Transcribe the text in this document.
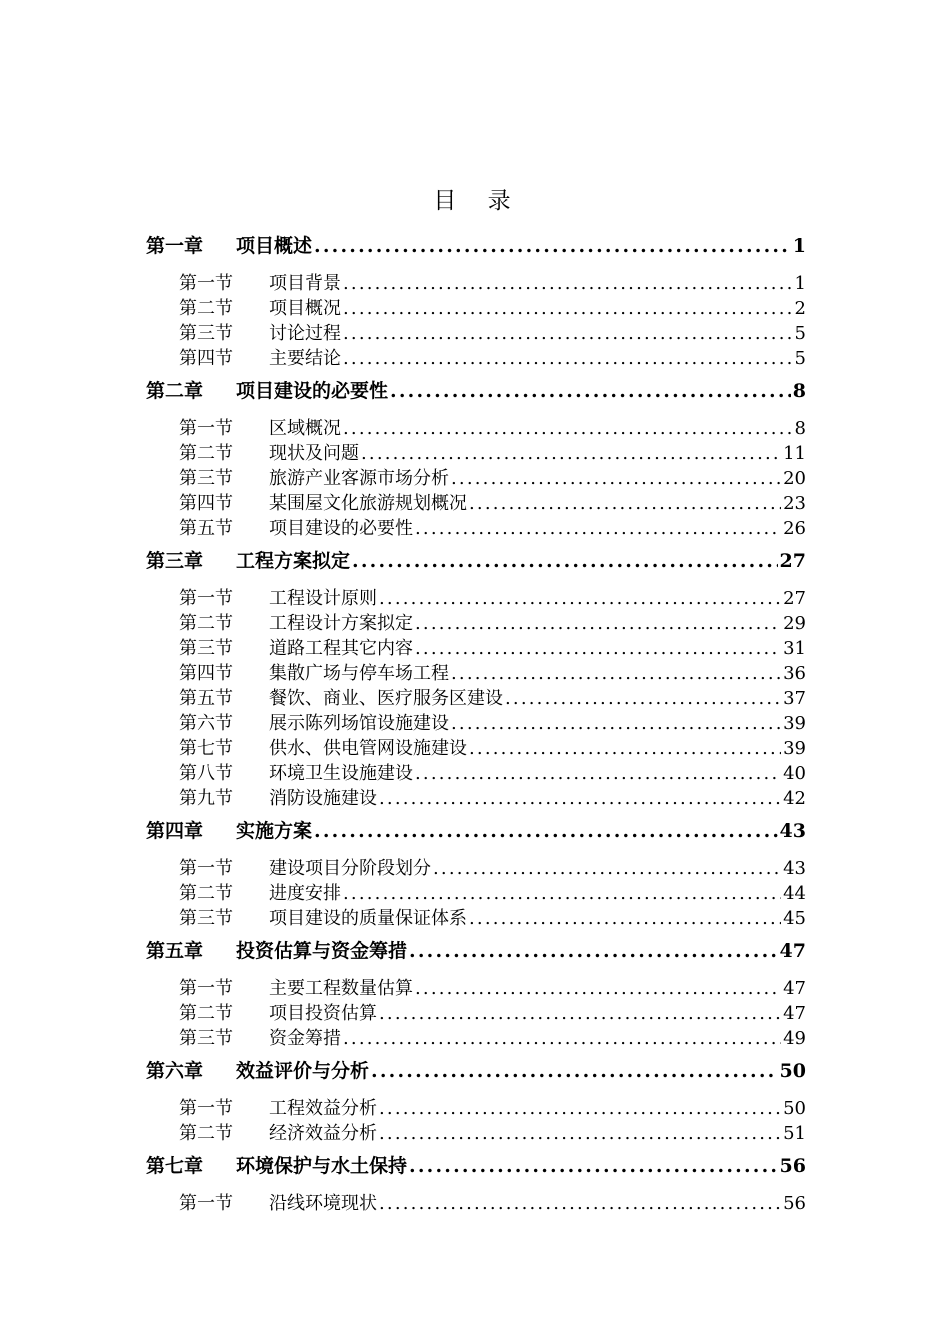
目 录
第一章	项目概述 .....	1
第一节	项目背景 .....	1
第二节	项目概况 .....	2
第三节	讨论过程 .....	5
第四节	主要结论 .....	5
第二章	项目建设的必要性 .....	8
第一节	区域概况 .....	8
第二节	现状及问题 .....	11
第三节	旅游产业客源市场分析 .....	20
第四节	某围屋文化旅游规划概况 .....	23
第五节	项目建设的必要性 .....	26
第三章	工程方案拟定 .....	27
第一节	工程设计原则 .....	27
第二节	工程设计方案拟定 .....	29
第三节	道路工程其它内容 .....	31
第四节	集散广场与停车场工程 .....	36
第五节	餐饮、商业、医疗服务区建设 .....	37
第六节	展示陈列场馆设施建设 .....	39
第七节	供水、供电管网设施建设 .....	39
第八节	环境卫生设施建设 .....	40
第九节	消防设施建设 .....	42
第四章	实施方案 .....	43
第一节	建设项目分阶段划分 .....	43
第二节	进度安排 .....	44
第三节	项目建设的质量保证体系 .....	45
第五章	投资估算与资金筹措 .....	47
第一节	主要工程数量估算 .....	47
第二节	项目投资估算 .....	47
第三节	资金筹措 .....	49
第六章	效益评价与分析 .....	50
第一节	工程效益分析 .....	50
第二节	经济效益分析 .....	51
第七章	环境保护与水土保持 .....	56
第一节	沿线环境现状 .....	56
